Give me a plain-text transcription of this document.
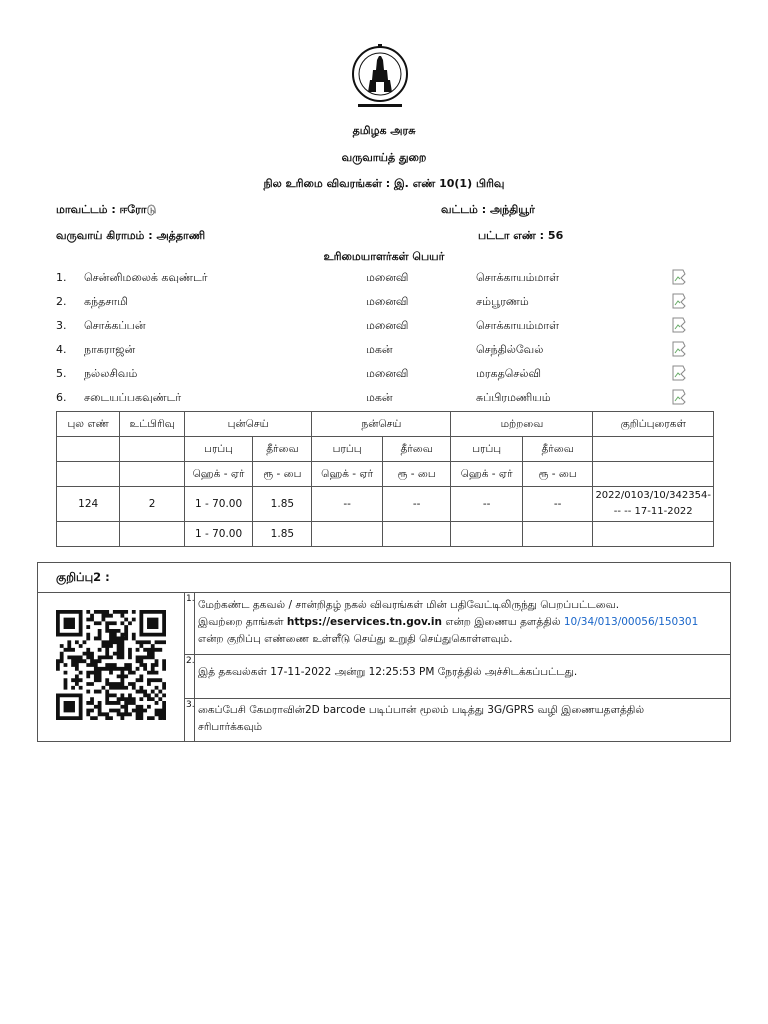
தமிழக அரசு
வருவாய்த் துறை
நில உரிமை விவரங்கள் : இ. எண் 10(1) பிரிவு
மாவட்டம் : ஈரோடு	வட்டம் : அந்தியூர்
வருவாய் கிராமம் : அத்தாணி	பட்டா எண் : 56
உரிமையாளர்கள் பெயர்
1. சென்னிமலைக் கவுண்டர்	மனைவி	சொக்காயம்மாள்
2. கந்தசாமி	மனைவி	சம்பூரணம்
3. சொக்கப்பன்	மனைவி	சொக்காயம்மாள்
4. நாகராஜன்	மகன்	செந்தில்வேல்
5. நல்லசிவம்	மனைவி	மரகதசெல்வி
6. சடையப்பகவுண்டர்	மகன்	சுப்பிரமணியம்
புல எண்	உட்பிரிவு	புன்செய்		நன்செய்		மற்றவை		குறிப்புரைகள்
		பரப்பு	தீர்வை	பரப்பு	தீர்வை	பரப்பு	தீர்வை	
		ஹெக் - ஏர்	ரூ - பை	ஹெக் - ஏர்	ரூ - பை	ஹெக் - ஏர்	ரூ - பை	
124	2	1 - 70.00	1.85	--	--	--	--	2022/0103/10/342354-
-- -- 17-11-2022
		1 - 70.00	1.85					
குறிப்பு2 :
1. மேற்கண்ட தகவல் / சான்றிதழ் நகல் விவரங்கள் மின் பதிவேட்டிலிருந்து பெறப்பட்டவை.
இவற்றை தாங்கள் https://eservices.tn.gov.in என்ற இணைய தளத்தில் 10/34/013/00056/150301
என்ற குறிப்பு எண்ணை உள்ளீடு செய்து உறுதி செய்துகொள்ளவும்.
2.
இத் தகவல்கள் 17-11-2022 அன்று 12:25:53 PM நேரத்தில் அச்சிடக்கப்பட்டது.
3. கைப்பேசி கேமராவின்2D barcode படிப்பான் மூலம் படித்து 3G/GPRS வழி இணையதளத்தில்
சரிபார்க்கவும்
